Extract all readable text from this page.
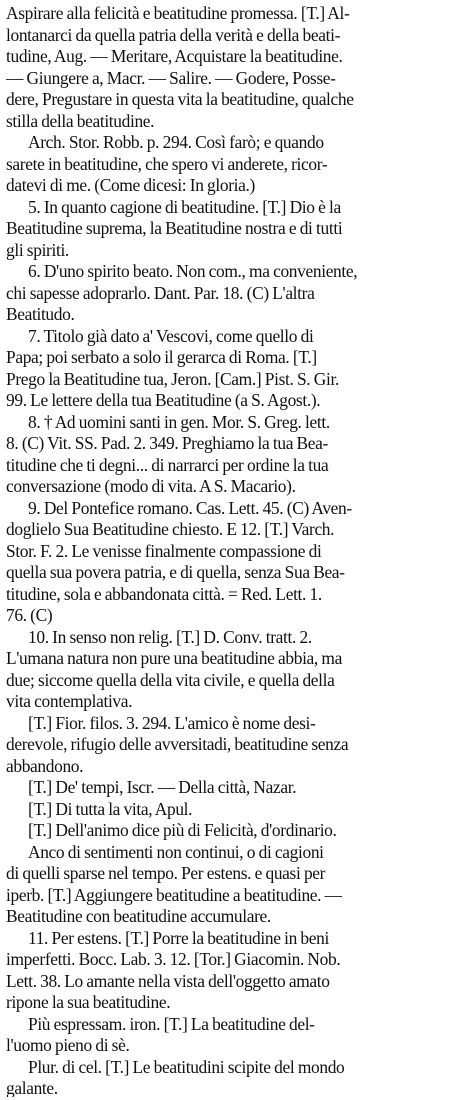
Aspirare alla felicità e beatitudine promessa. [T.] Al-
lontanarci da quella patria della verità e della beati-
tudine, Aug. — Meritare, Acquistare la beatitudine.
— Giungere a, Macr. — Salire. — Godere, Posse-
dere, Pregustare in questa vita la beatitudine, qualche
stilla della beatitudine.
Arch. Stor. Robb. p. 294. Così farò; e quando
sarete in beatitudine, che spero vi anderete, ricor-
datevi di me. (Come dicesi: In gloria.)
5. In quanto cagione di beatitudine. [T.] Dio è la
Beatitudine suprema, la Beatitudine nostra e di tutti
gli spiriti.
6. D'uno spirito beato. Non com., ma conveniente,
chi sapesse adoprarlo. Dant. Par. 18. (C) L'altra
Beatitudo.
7. Titolo già dato a' Vescovi, come quello di
Papa; poi serbato a solo il gerarca di Roma. [T.]
Prego la Beatitudine tua, Jeron. [Cam.] Pist. S. Gir.
99. Le lettere della tua Beatitudine (a S. Agost.).
8. † Ad uomini santi in gen. Mor. S. Greg. lett.
8. (C) Vit. SS. Pad. 2. 349. Preghiamo la tua Bea-
titudine che ti degni... di narrarci per ordine la tua
conversazione (modo di vita. A S. Macario).
9. Del Pontefice romano. Cas. Lett. 45. (C) Aven-
doglielo Sua Beatitudine chiesto. E 12. [T.] Varch.
Stor. F. 2. Le venisse finalmente compassione di
quella sua povera patria, e di quella, senza Sua Bea-
titudine, sola e abbandonata città. = Red. Lett. 1.
76. (C)
10. In senso non relig. [T.] D. Conv. tratt. 2.
L'umana natura non pure una beatitudine abbia, ma
due; siccome quella della vita civile, e quella della
vita contemplativa.
[T.] Fior. filos. 3. 294. L'amico è nome desi-
derevole, rifugio delle avversitadi, beatitudine senza
abbandono.
[T.] De' tempi, Iscr. — Della città, Nazar.
[T.] Di tutta la vita, Apul.
[T.] Dell'animo dice più di Felicità, d'ordinario.
Anco di sentimenti non continui, o di cagioni
di quelli sparse nel tempo. Per estens. e quasi per
iperb. [T.] Aggiungere beatitudine a beatitudine. —
Beatitudine con beatitudine accumulare.
11. Per estens. [T.] Porre la beatitudine in beni
imperfetti. Bocc. Lab. 3. 12. [Tor.] Giacomin. Nob.
Lett. 38. Lo amante nella vista dell'oggetto amato
ripone la sua beatitudine.
Più espressam. iron. [T.] La beatitudine del-
l'uomo pieno di sè.
Plur. di cel. [T.] Le beatitudini scipite del mondo
galante.
